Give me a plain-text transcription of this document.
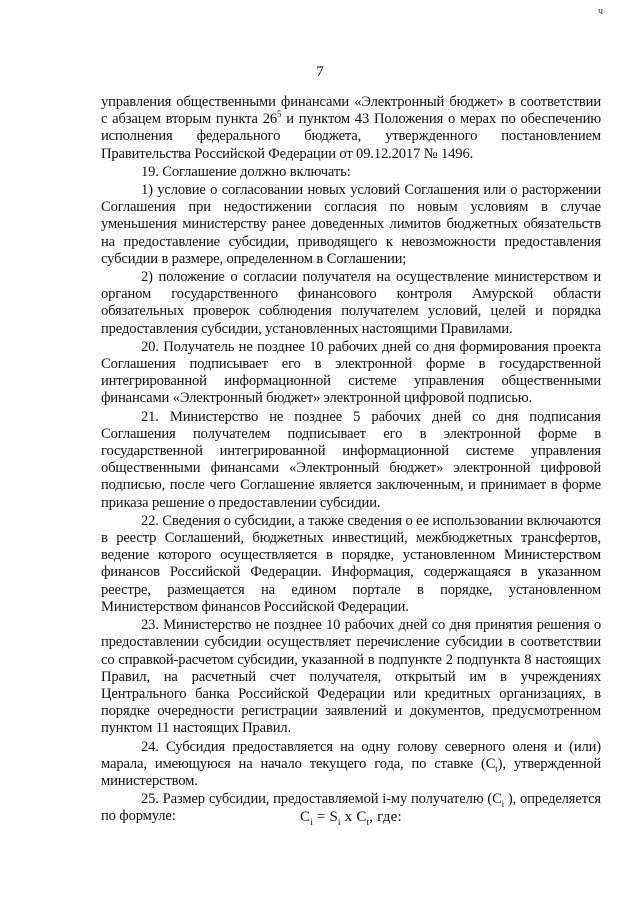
ч
7

управления общественными финансами «Электронный бюджет» в соответствии с абзацем вторым пункта $26^5$ и пунктом 43 Положения о мерах по обеспечению исполнения федерального бюджета, утвержденного постановлением Правительства Российской Федерации от 09.12.2017 № 1496.

19. Соглашение должно включать:

1) условие о согласовании новых условий Соглашения или о расторжении Соглашения при недостижении согласия по новым условиям в случае уменьшения министерству ранее доведенных лимитов бюджетных обязательств на предоставление субсидии, приводящего к невозможности предоставления субсидии в размере, определенном в Соглашении;

2) положение о согласии получателя на осуществление министерством и органом государственного финансового контроля Амурской области обязательных проверок соблюдения получателем условий, целей и порядка предоставления субсидии, установленных настоящими Правилами.

20. Получатель не позднее 10 рабочих дней со дня формирования проекта Соглашения подписывает его в электронной форме в государственной интегрированной информационной системе управления общественными финансами «Электронный бюджет» электронной цифровой подписью.

21. Министерство не позднее 5 рабочих дней со дня подписания Соглашения получателем подписывает его в электронной форме в государственной интегрированной информационной системе управления общественными финансами «Электронный бюджет» электронной цифровой подписью, после чего Соглашение является заключенным, и принимает в форме приказа решение о предоставлении субсидии.

22. Сведения о субсидии, а также сведения о ее использовании включаются в реестр Соглашений, бюджетных инвестиций, межбюджетных трансфертов, ведение которого осуществляется в порядке, установленном Министерством финансов Российской Федерации. Информация, содержащаяся в указанном реестре, размещается на едином портале в порядке, установленном Министерством финансов Российской Федерации.

23. Министерство не позднее 10 рабочих дней со дня принятия решения о предоставлении субсидии осуществляет перечисление субсидии в соответствии со справкой-расчетом субсидии, указанной в подпункте 2 подпункта 8 настоящих Правил, на расчетный счет получателя, открытый им в учреждениях Центрального банка Российской Федерации или кредитных организациях, в порядке очередности регистрации заявлений и документов, предусмотренном пунктом 11 настоящих Правил.

24. Субсидия предоставляется на одну голову северного оленя и (или) марала, имеющуюся на начало текущего года, по ставке $(С_t)$, утвержденной министерством.

25. Размер субсидии, предоставляемой i-му получателю ($С_i$ ), определяется по формуле:	$С_i = S_i$ x $С_t$, где:
